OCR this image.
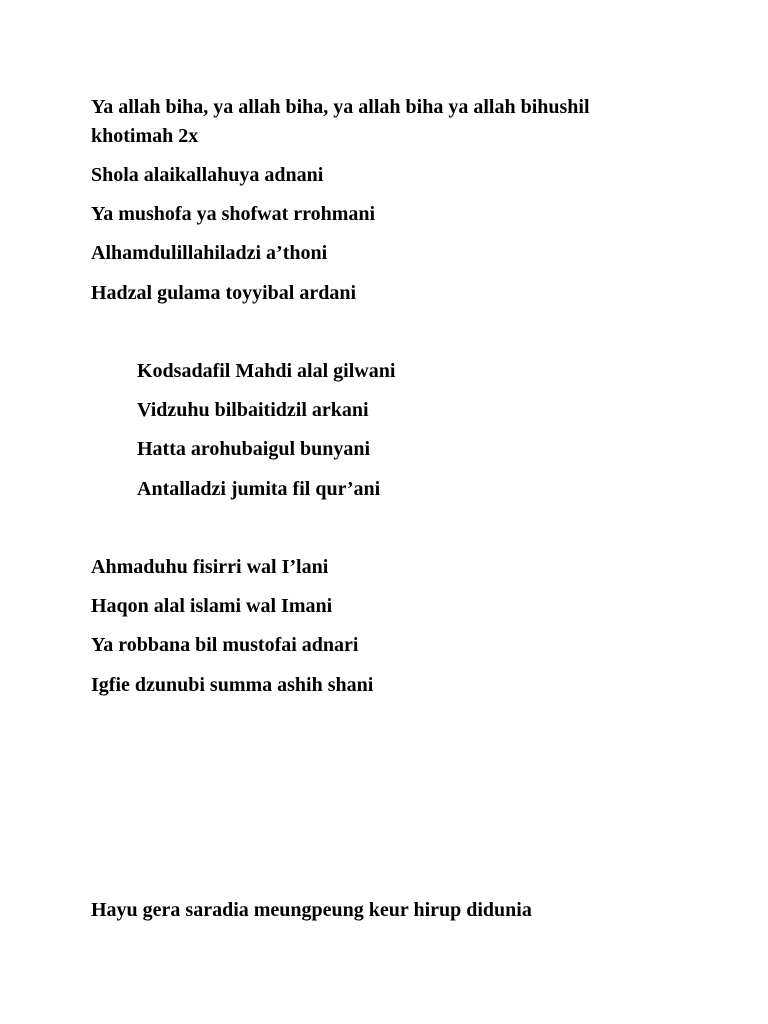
Ya allah biha, ya allah biha, ya allah biha ya allah bihushil
khotimah 2x
Shola alaikallahuya adnani
Ya mushofa ya shofwat rrohmani
Alhamdulillahiladzi a’thoni
Hadzal gulama toyyibal ardani
Kodsadafil Mahdi alal gilwani
Vidzuhu bilbaitidzil arkani
Hatta arohubaigul bunyani
Antalladzi jumita fil qur’ani
Ahmaduhu fisirri wal I’lani
Haqon alal islami wal Imani
Ya robbana bil mustofai adnari
Igfie dzunubi summa ashih shani
Hayu gera saradia meungpeung keur hirup didunia
